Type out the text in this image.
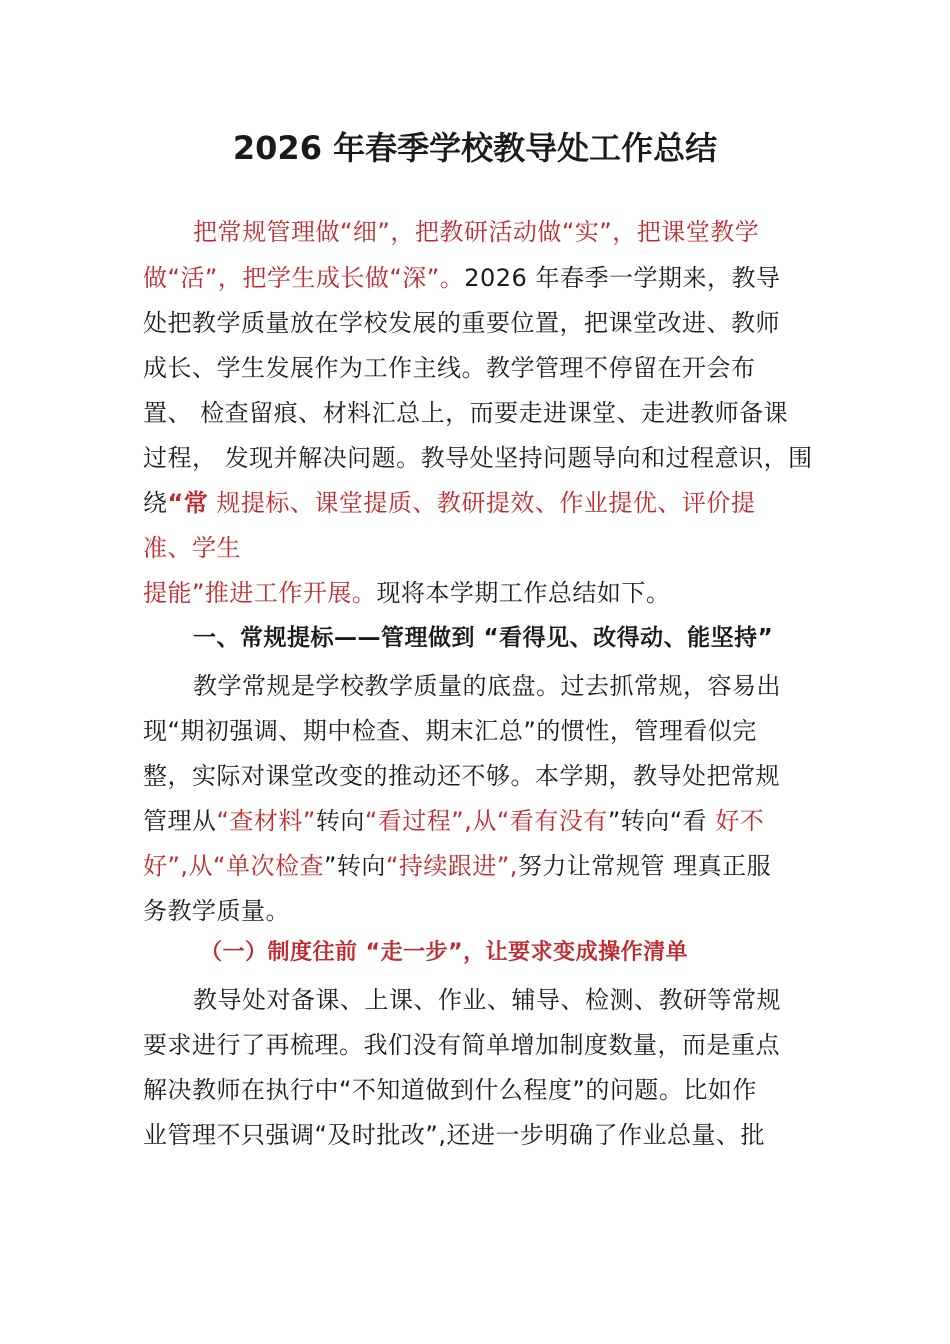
2026 年春季学校教导处工作总结
把常规管理做“细”，把教研活动做“实”，把课堂教学
做“活”，把学生成长做“深”。2026 年春季一学期来，教导
处把教学质量放在学校发展的重要位置，把课堂改进、教师
成长、学生发展作为工作主线。教学管理不停留在开会布
置、 检查留痕、材料汇总上，而要走进课堂、走进教师备课
过程， 发现并解决问题。教导处坚持问题导向和过程意识，围
绕“常 规提标、课堂提质、教研提效、作业提优、评价提
准、学生
提能”推进工作开展。现将本学期工作总结如下。
一、常规提标——管理做到 “看得见、改得动、能坚持”
教学常规是学校教学质量的底盘。过去抓常规，容易出
现“期初强调、期中检查、期末汇总”的惯性，管理看似完
整，实际对课堂改变的推动还不够。本学期，教导处把常规
管理从“查材料”转向“看过程”,从“看有没有”转向“看 好不
好”,从“单次检查”转向“持续跟进”,努力让常规管 理真正服
务教学质量。
（一）制度往前 “走一步”，让要求变成操作清单
教导处对备课、上课、作业、辅导、检测、教研等常规
要求进行了再梳理。我们没有简单增加制度数量，而是重点
解决教师在执行中“不知道做到什么程度”的问题。比如作
业管理不只强调“及时批改”,还进一步明确了作业总量、批
